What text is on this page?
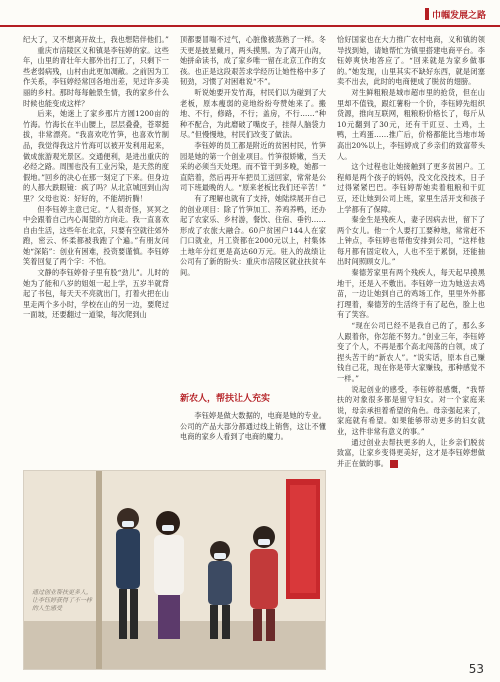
巾帼发展之路

纪大了，又不想离开故土，我也想陪伴他们。”

重庆市涪陵区义和镇是李钰婷的家。这些年，山里的青壮年大都外出打工了，只剩下一些老弱病残，山村由此更加凋敝。之前因为工作关系，李钰婷经常回各地出差，见过许多美丽的乡村。那时每每触景生情，我的家乡什么时候也能变成这样？

后来，她迷上了家乡那片方圆1200亩的竹海。竹海长在半山腰上，层层叠叠，苍翠挺拔，非常漂亮。“我喜欢吃竹笋，也喜欢竹制品，我觉得我这片竹海可以被开发利用起来，做成旅游观光景区。交通便利，是进出重庆的必经之路。周围也没有工业污染，是天然的度假地。”回乡的决心在那一刻定了下来。但身边的人都大跌眼镜：疯了吗？从北京城回到山沟里？父母也说：好好的，不能胡折腾！

但李钰婷主意已定。“人很奇怪，冥冥之中会跟着自己内心渴望的方向走。我一直喜欢自由生活，这些年在北京，只要有空就往郊外跑，密云、怀柔都被我跑了个遍。”有朋友问她“深陷”：创业有困难，投资要谨慎。李钰婷笑着回复了两个字：不怕。

文静的李钰婷骨子里有股“劲儿”。儿时的她为了能和八岁的姐姐一起上学，五岁半就背起了书包，每天天不亮就出门，打着火把在山里走两个多小时，学校在山的另一边，要爬过一面坡，还要翻过一道梁，每次爬到山

顶都要冒喘不过气，心脏像被蒸熟了一样。冬天更是披星戴月，两头摸黑。为了离开山沟，她拼命读书，成了家乡唯一留在北京工作的女孩。也正是这段艰苦求学经历让她性格中多了韧劲，习惯了对困难说“不”。

听说她要开发竹海，村民们以为碰到了大老板，原本瘦弱的竞地纷纷夸赞她来了。搬地、不行，修路，不行；盖房，不行……“种种不配合，为此磨破了嘴皮子，挂得人脑袋力尽。”但慢慢地，村民们改变了做法。

李钰婷的员工都是附近的贫困村民，竹笋园是她的第一个创业项目。竹笋很娇嫩，当天采的必须当天处理。而不管干到多晚，她都一直陪着，然后再开车把员工送回家，常常是公司下班最晚的人。“原来老板比我们还辛苦！”

有了理解也就有了支持，她陆续展开自己的创业项目：除了竹笋加工、养鸡养鸭，还办起了农家乐、乡村游，餐饮、住宿、垂钓……形成了农旅大融合。60户贫困户144人在家门口就业，月工资都在2000元以上，村集体土地年分红更是高达60万元。驻入的战绩让公司有了新的盼头：重庆市涪陵区就业扶贫车间。

新农人，帮扶让人充实

李钰婷是做大数据的，电商是她的专业。公司的产品大部分都通过线上销售，这让不懂电商的家乡人看到了电商的魔力。

恰好国家也在大力推广农村电商，义和镇的领导找到她，请她帮忙为镇里搭建电商平台。李钰婷爽快地答应了。“回来就是为家乡做事的。”她发现，山里其实不缺好东西，就是闭塞卖不出去，此时的电商便成了脱贫的翅膀。

对生鲜粗粮是城市超市里的抢货，但在山里却不值钱，跟红薯粉一个价，李钰婷先组织货源，推向互联网，粗粮粉价格长了，每斤从10元翻到了30元，还有干豇豆、土鸡，土鸭，土鸡蛋……推广后，价格都能比当地市场高出20%以上，李钰婷成了乡亲们的致富带头人。

这个过程也让她接触到了更多贫困户。工程师是两个孩子的妈妈，没文化没技术，日子过得紧紧巴巴。李钰婷帮她卖着粗粮和干豇豆，还让她到公司上班，家里生活开支和孩子上学都有了保障。

秦金生是残疾人，妻子因病去世，留下了两个女儿。他一个人要打工要种地，常常赶不上钟点，李钰婷也帮他安排到公司，“这样他每月都有固定收入，人也不至于累倒，还能抽出时间照顾女儿。”

秦德芳家里有两个残疾人，每天起早摸黑地干，还是入不敷出。李钰婷一边为她送去鸡苗，一边让她到自己的鸡场工作，里里外外都打理着，秦德芳的生活终于有了起色，脸上也有了笑容。

“现在公司已经不是我自己的了，那么多人跟着你，你怎能不努力。”创业三年，李钰婷变了个人，不再是那个高北闯荡的白领，成了捏头苦干的“新农人”。“说实话，原本自己赚钱自己花，现在你是带大家赚钱，那种感觉不一样。”

说起创业的感受，李钰婷很感慨，“我帮扶的对象很多都是留守妇女。对一个家庭来说，母亲承担着希望的角色。母亲强起来了，家庭就有希望。如果能够带动更多的妇女就业，这件非常有意义的事。”

通过创业去帮扶更多的人，让乡亲们脱贫致富，让家乡变得更美好，这才是李钰婷想做并正在做的事。

通过创业帮扶更多人，让李钰婷获得了不一样的人生感受
53
